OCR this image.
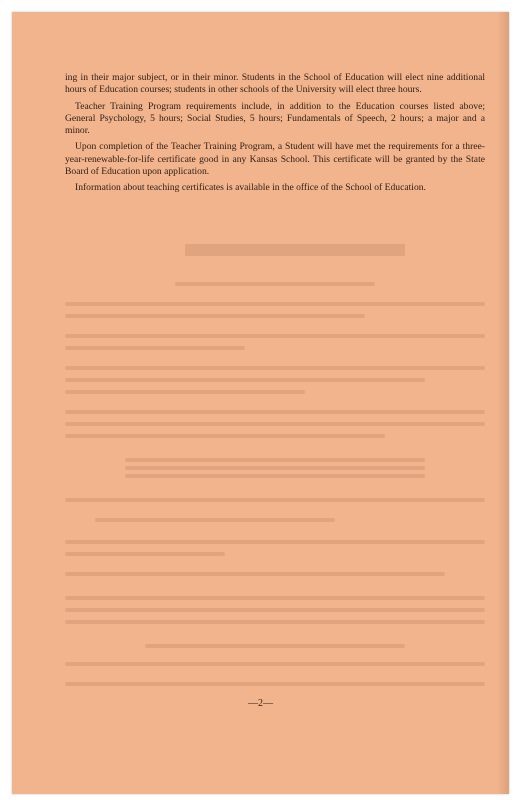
ing in their major subject, or in their minor. Students in the School of Education will elect nine additional hours of Education courses; students in other schools of the University will elect three hours.

Teacher Training Program requirements include, in addition to the Education courses listed above; General Psychology, 5 hours; Social Studies, 5 hours; Fundamentals of Speech, 2 hours; a major and a minor.

Upon completion of the Teacher Training Program, a Student will have met the requirements for a three-year-renewable-for-life certificate good in any Kansas School. This certificate will be granted by the State Board of Education upon application.

Information about teaching certificates is available in the office of the School of Education.

—2—
